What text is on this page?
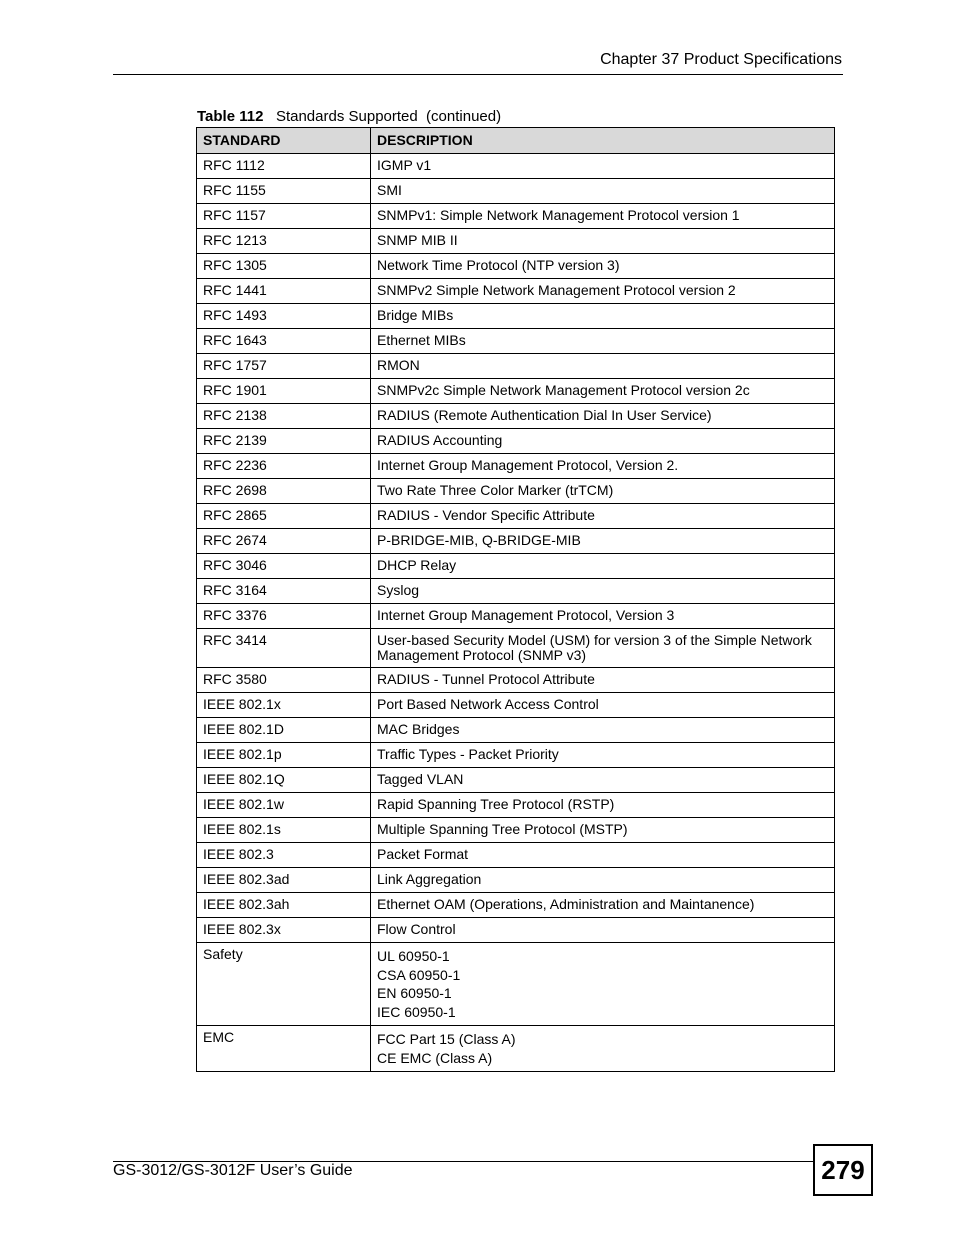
Chapter 37 Product Specifications
Table 112 Standards Supported  (continued)
STANDARD	DESCRIPTION
RFC 1112	IGMP v1
RFC 1155	SMI
RFC 1157	SNMPv1: Simple Network Management Protocol version 1
RFC 1213	SNMP MIB II
RFC 1305	Network Time Protocol (NTP version 3)
RFC 1441	SNMPv2 Simple Network Management Protocol version 2
RFC 1493	Bridge MIBs
RFC 1643	Ethernet MIBs
RFC 1757	RMON
RFC 1901	SNMPv2c Simple Network Management Protocol version 2c
RFC 2138	RADIUS (Remote Authentication Dial In User Service)
RFC 2139	RADIUS Accounting
RFC 2236	Internet Group Management Protocol, Version 2.
RFC 2698	Two Rate Three Color Marker (trTCM)
RFC 2865	RADIUS - Vendor Specific Attribute
RFC 2674	P-BRIDGE-MIB, Q-BRIDGE-MIB
RFC 3046	DHCP Relay
RFC 3164	Syslog
RFC 3376	Internet Group Management Protocol, Version 3
RFC 3414	User-based Security Model (USM) for version 3 of the Simple Network Management Protocol (SNMP v3)
RFC 3580	RADIUS - Tunnel Protocol Attribute
IEEE 802.1x	Port Based Network Access Control
IEEE 802.1D	MAC Bridges
IEEE 802.1p	Traffic Types - Packet Priority
IEEE 802.1Q	Tagged VLAN
IEEE 802.1w	Rapid Spanning Tree Protocol (RSTP)
IEEE 802.1s	Multiple Spanning Tree Protocol (MSTP)
IEEE 802.3	Packet Format
IEEE 802.3ad	Link Aggregation
IEEE 802.3ah	Ethernet OAM (Operations, Administration and Maintanence)
IEEE 802.3x	Flow Control
Safety	UL 60950-1
CSA 60950-1
EN 60950-1
IEC 60950-1

EMC	FCC Part 15 (Class A)
CE EMC (Class A)
GS-3012/GS-3012F User’s Guide	279
